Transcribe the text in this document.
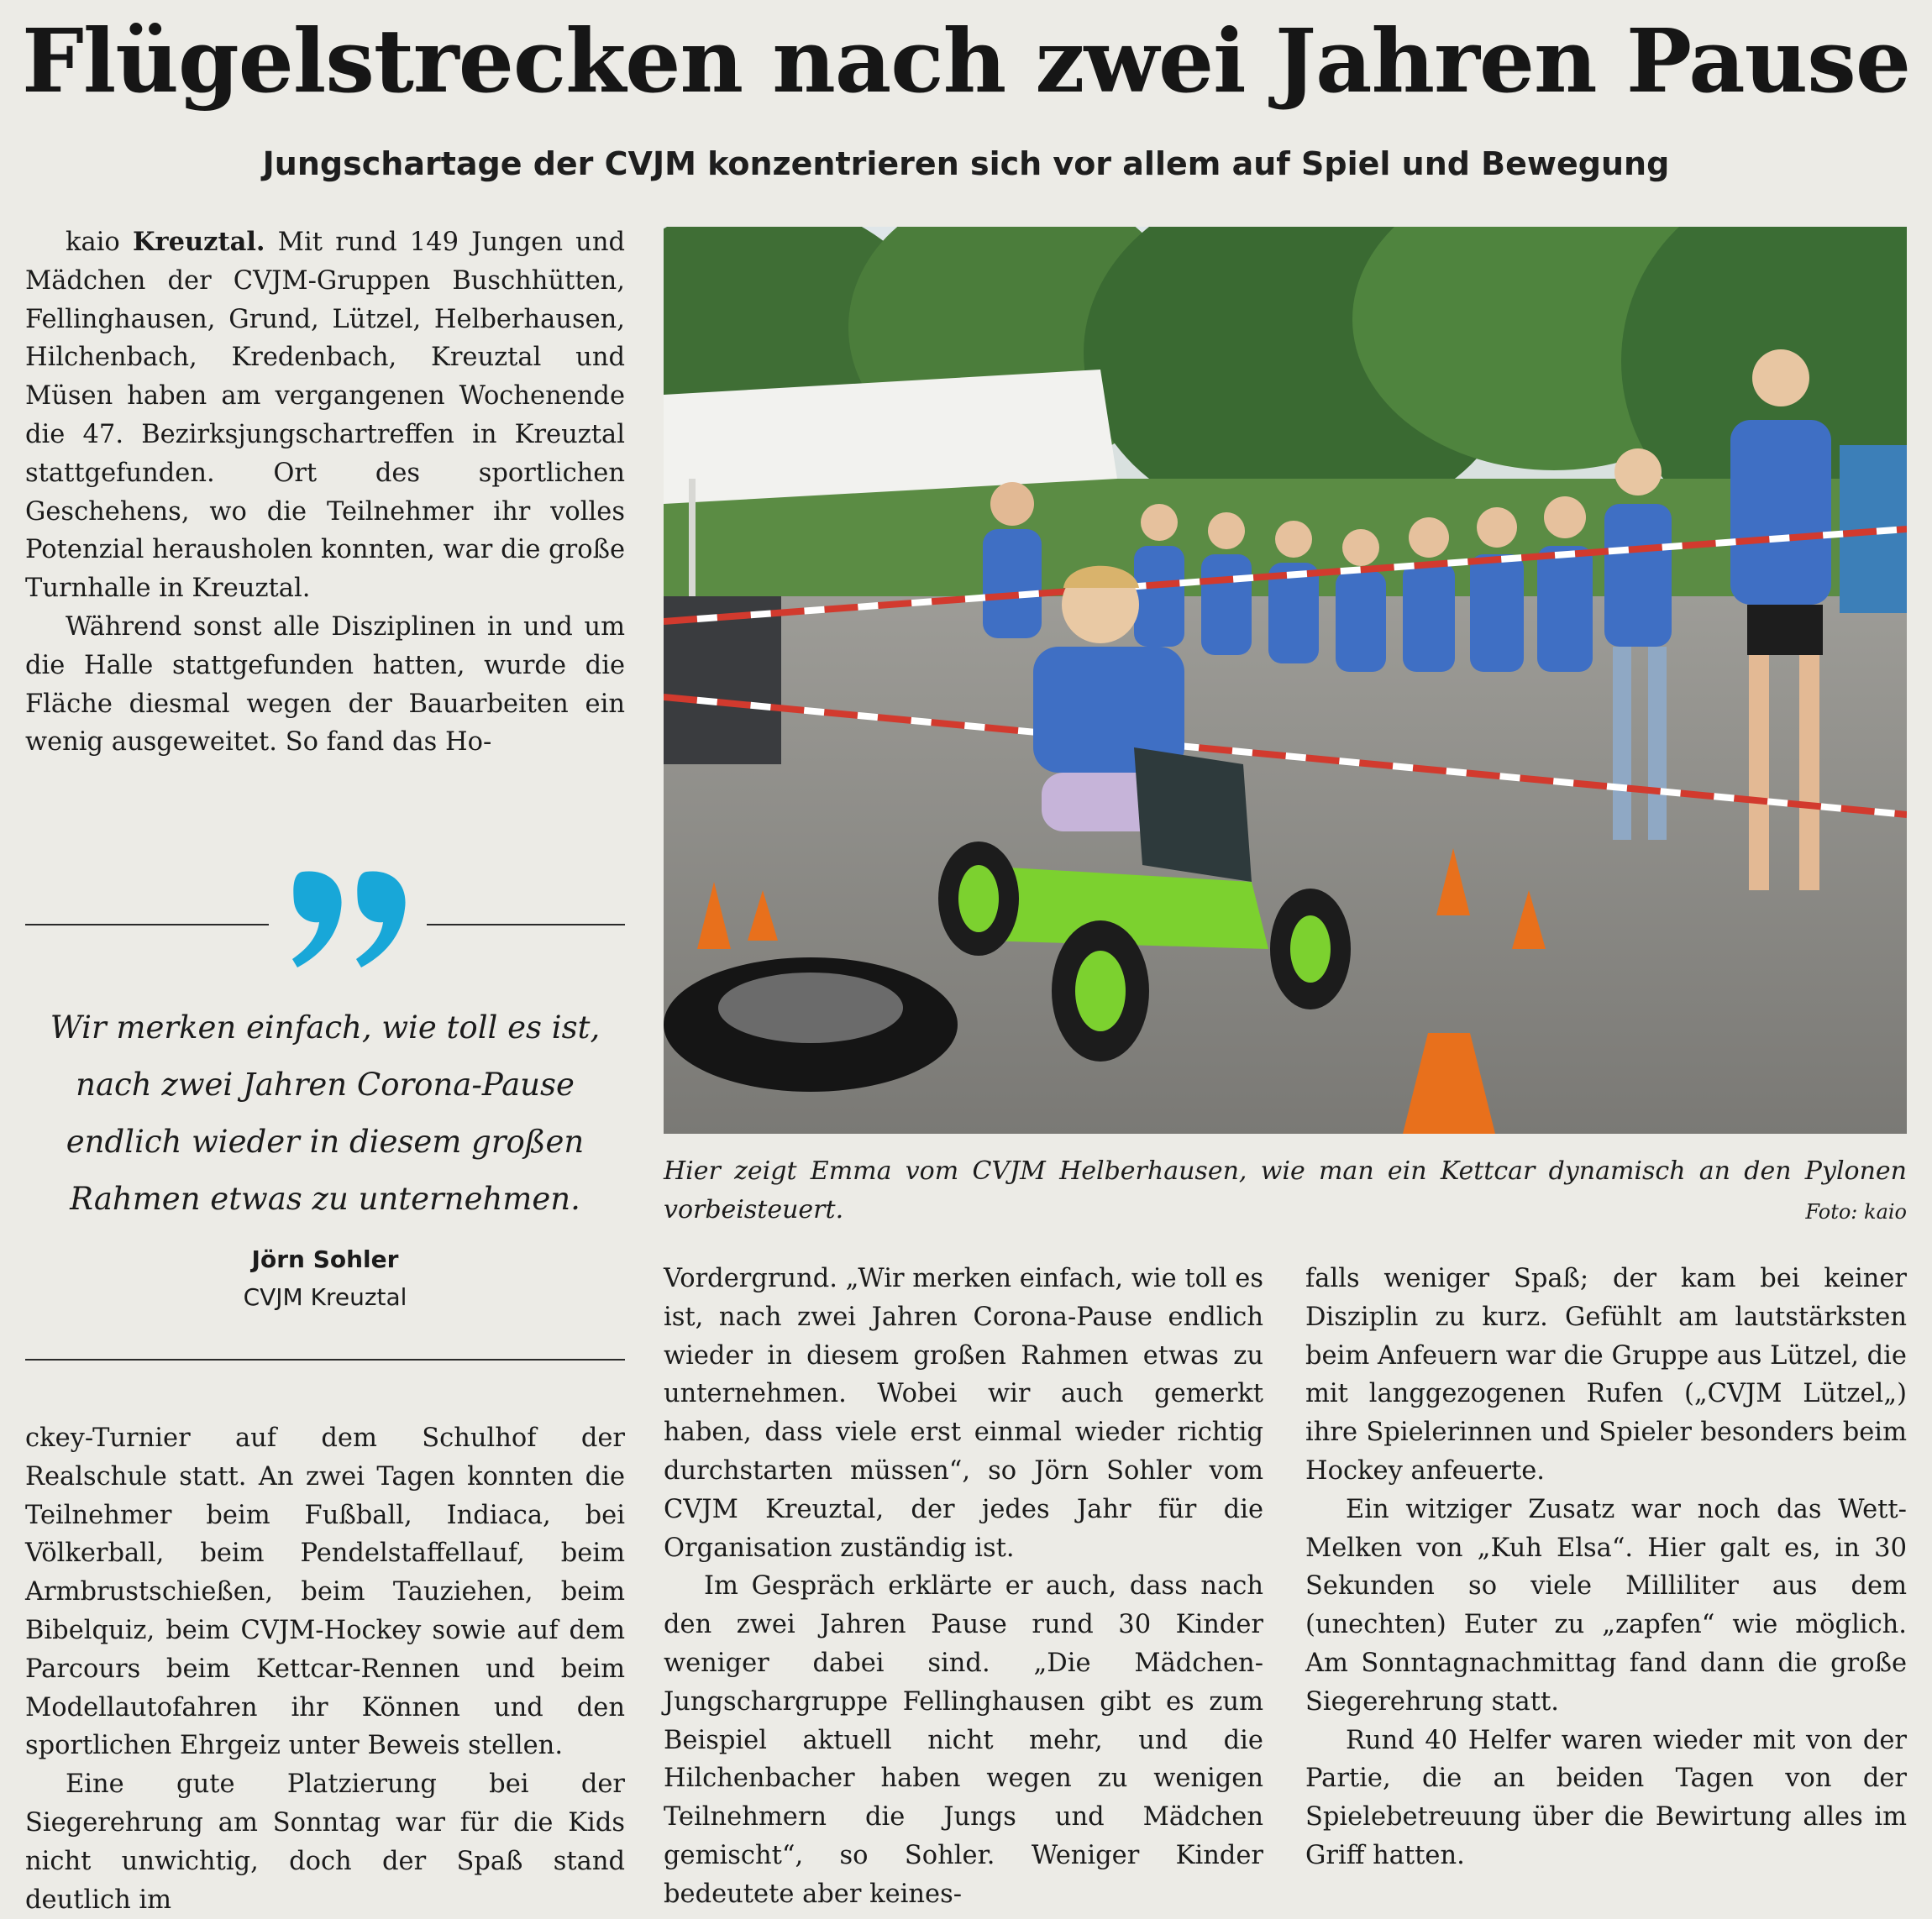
Flügelstrecken nach zwei Jahren Pause
Jungschartage der CVJM konzentrieren sich vor allem auf Spiel und Bewegung

kaio Kreuztal. Mit rund 149 Jungen und Mädchen der CVJM-Gruppen Buschhütten, Fellinghausen, Grund, Lützel, Helberhausen, Hilchenbach, Kredenbach, Kreuztal und Müsen haben am vergangenen Wochenende die 47. Bezirksjungschartreffen in Kreuztal stattgefunden. Ort des sportlichen Geschehens, wo die Teilnehmer ihr volles Potenzial herausholen konnten, war die große Turnhalle in Kreuztal.

Während sonst alle Disziplinen in und um die Halle stattgefunden hatten, wurde die Fläche diesmal wegen der Bauarbeiten ein wenig ausgeweitet. So fand das Ho-

Wir merken einfach, wie toll es ist, nach zwei Jahren Corona-Pause endlich wieder in diesem großen Rahmen etwas zu unternehmen.

Jörn Sohler

CVJM Kreuztal

ckey-Turnier auf dem Schulhof der Realschule statt. An zwei Tagen konnten die Teilnehmer beim Fußball, Indiaca, bei Völkerball, beim Pendelstaffellauf, beim Armbrustschießen, beim Tauziehen, beim Bibelquiz, beim CVJM-Hockey sowie auf dem Parcours beim Kettcar-Rennen und beim Modellautofahren ihr Können und den sportlichen Ehrgeiz unter Beweis stellen.

Eine gute Platzierung bei der Siegerehrung am Sonntag war für die Kids nicht unwichtig, doch der Spaß stand deutlich im

Hier zeigt Emma vom CVJM Helberhausen, wie man ein Kettcar dynamisch an den Pylonen vorbeisteuert.	Foto: kaio

Vordergrund. „Wir merken einfach, wie toll es ist, nach zwei Jahren Corona-Pause endlich wieder in diesem großen Rahmen etwas zu unternehmen. Wobei wir auch gemerkt haben, dass viele erst einmal wieder richtig durchstarten müssen“, so Jörn Sohler vom CVJM Kreuztal, der jedes Jahr für die Organisation zuständig ist.

Im Gespräch erklärte er auch, dass nach den zwei Jahren Pause rund 30 Kinder weniger dabei sind. „Die Mädchen-Jungschargruppe Fellinghausen gibt es zum Beispiel aktuell nicht mehr, und die Hilchenbacher haben wegen zu wenigen Teilnehmern die Jungs und Mädchen gemischt“, so Sohler. Weniger Kinder bedeutete aber keines-

falls weniger Spaß; der kam bei keiner Disziplin zu kurz. Gefühlt am lautstärksten beim Anfeuern war die Gruppe aus Lützel, die mit langgezogenen Rufen („CVJM Lützel„) ihre Spielerinnen und Spieler besonders beim Hockey anfeuerte.

Ein witziger Zusatz war noch das Wett-Melken von „Kuh Elsa“. Hier galt es, in 30 Sekunden so viele Milliliter aus dem (unechten) Euter zu „zapfen“ wie möglich. Am Sonntagnachmittag fand dann die große Siegerehrung statt.

Rund 40 Helfer waren wieder mit von der Partie, die an beiden Tagen von der Spielebetreuung über die Bewirtung alles im Griff hatten.
